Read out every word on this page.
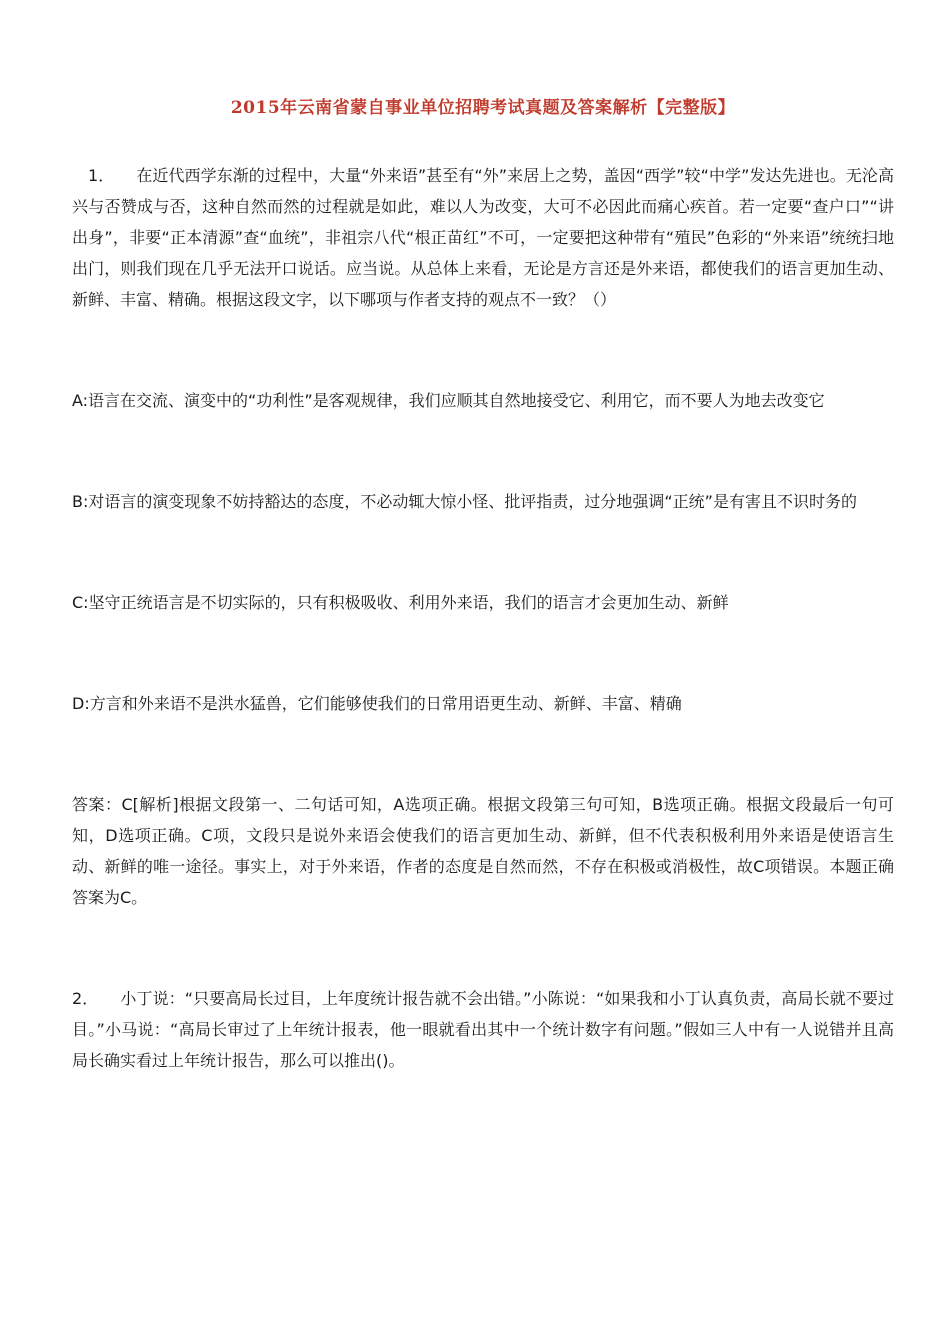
2015年云南省蒙自事业单位招聘考试真题及答案解析【完整版】

1． 在近代西学东渐的过程中，大量“外来语”甚至有“外”来居上之势，盖因“西学”较“中学”发达先进也。无沦高兴与否赞成与否，这种自然而然的过程就是如此，难以人为改变，大可不必因此而痛心疾首。若一定要“查户口”“讲出身”，非要“正本清源”查“血统”，非祖宗八代“根正苗红”不可，一定要把这种带有“殖民”色彩的“外来语”统统扫地出门，则我们现在几乎无法开口说话。应当说。从总体上来看，无论是方言还是外来语，都使我们的语言更加生动、新鲜、丰富、精确。根据这段文字，以下哪项与作者支持的观点不一致？（）

A:语言在交流、演变中的“功利性”是客观规律，我们应顺其自然地接受它、利用它，而不要人为地去改变它

B:对语言的演变现象不妨持豁达的态度，不必动辄大惊小怪、批评指责，过分地强调“正统”是有害且不识时务的

C:坚守正统语言是不切实际的，只有积极吸收、利用外来语，我们的语言才会更加生动、新鲜

D:方言和外来语不是洪水猛兽，它们能够使我们的日常用语更生动、新鲜、丰富、精确

答案：C[解析]根据文段第一、二句话可知，A选项正确。根据文段第三句可知，B选项正确。根据文段最后一句可知，D选项正确。C项，文段只是说外来语会使我们的语言更加生动、新鲜，但不代表积极利用外来语是使语言生动、新鲜的唯一途径。事实上，对于外来语，作者的态度是自然而然，不存在积极或消极性，故C项错误。本题正确答案为C。

2． 小丁说：“只要高局长过目，上年度统计报告就不会出错。”小陈说：“如果我和小丁认真负责，高局长就不要过目。”小马说：“高局长审过了上年统计报表，他一眼就看出其中一个统计数字有问题。”假如三人中有一人说错并且高局长确实看过上年统计报告，那么可以推出()。
